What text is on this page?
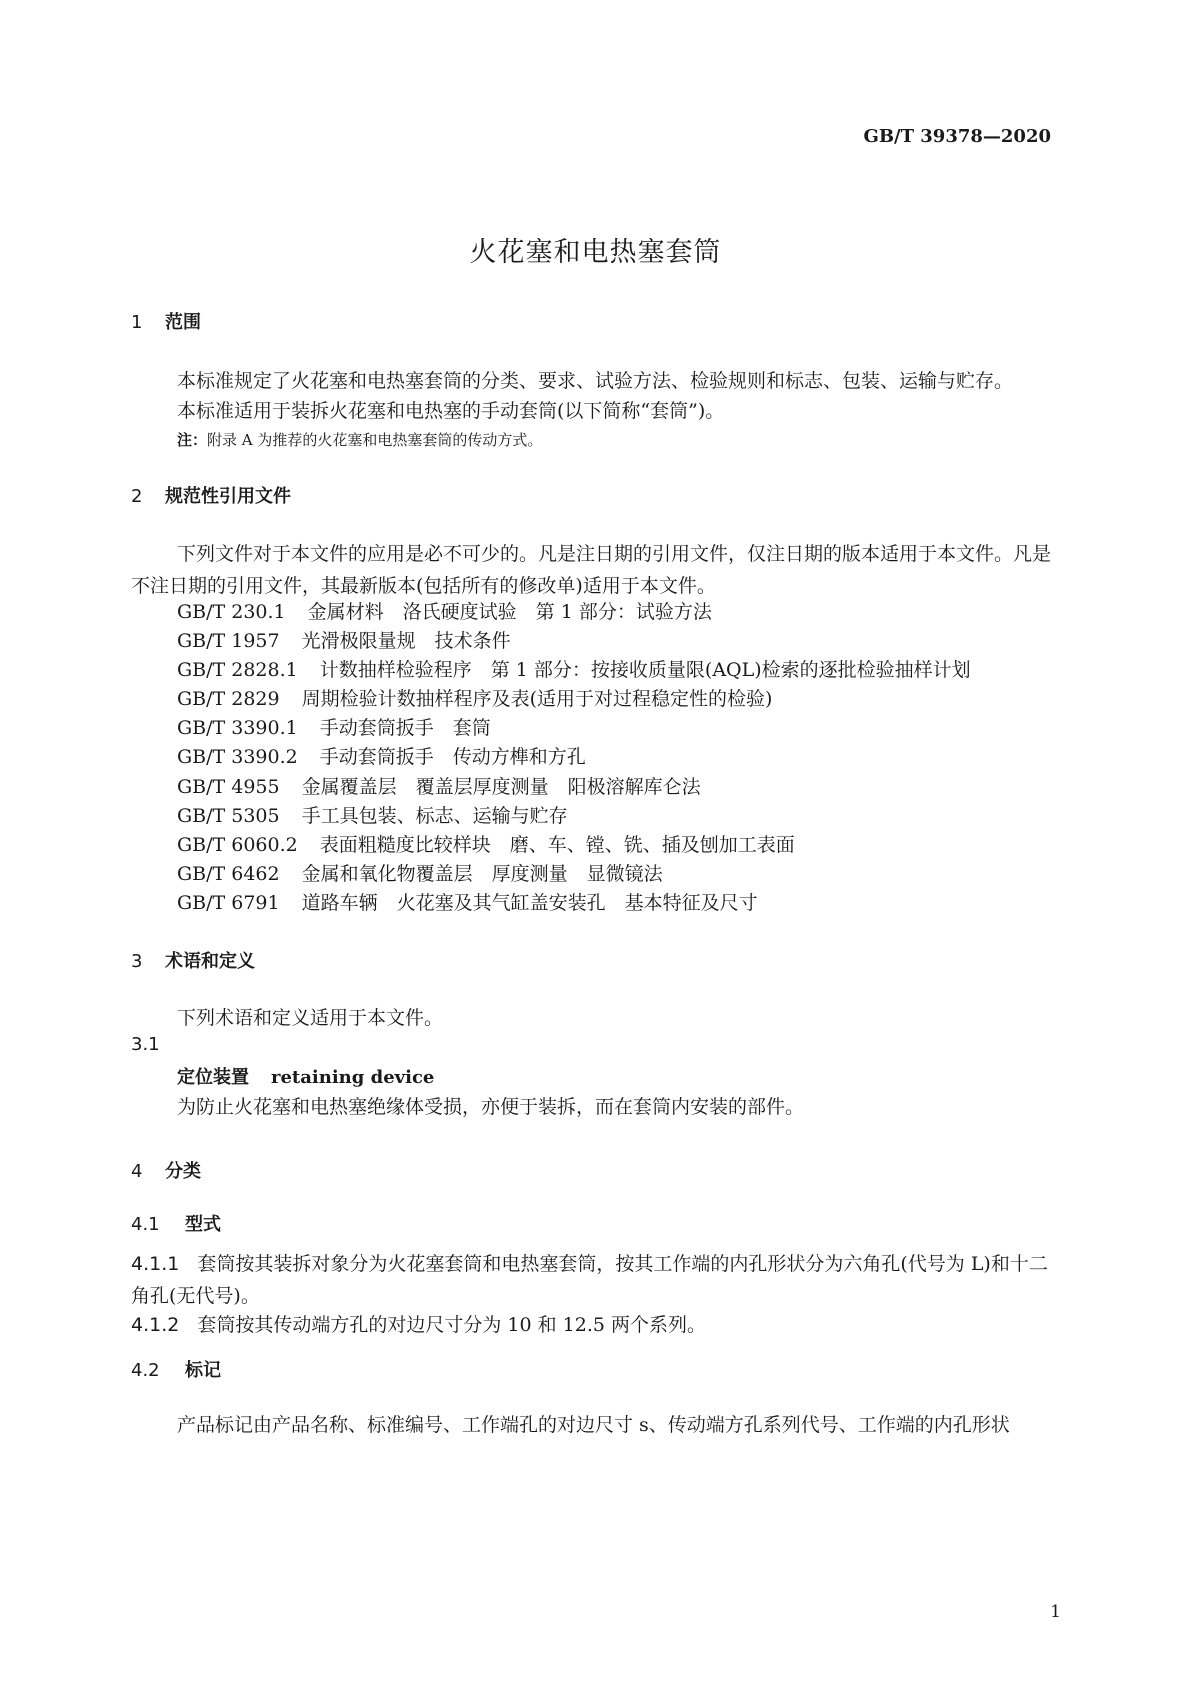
GB/T 39378—2020
火花塞和电热塞套筒
1 范围
本标准规定了火花塞和电热塞套筒的分类、要求、试验方法、检验规则和标志、包装、运输与贮存。
本标准适用于装拆火花塞和电热塞的手动套筒(以下简称“套筒”)。
注：附录 A 为推荐的火花塞和电热塞套筒的传动方式。
2 规范性引用文件
下列文件对于本文件的应用是必不可少的。凡是注日期的引用文件，仅注日期的版本适用于本文件。凡是不注日期的引用文件，其最新版本(包括所有的修改单)适用于本文件。
GB/T 230.1 金属材料　洛氏硬度试验　第 1 部分：试验方法
GB/T 1957 光滑极限量规　技术条件
GB/T 2828.1 计数抽样检验程序　第 1 部分：按接收质量限(AQL)检索的逐批检验抽样计划
GB/T 2829 周期检验计数抽样程序及表(适用于对过程稳定性的检验)
GB/T 3390.1 手动套筒扳手　套筒
GB/T 3390.2 手动套筒扳手　传动方榫和方孔
GB/T 4955 金属覆盖层　覆盖层厚度测量　阳极溶解库仑法
GB/T 5305 手工具包装、标志、运输与贮存
GB/T 6060.2 表面粗糙度比较样块　磨、车、镗、铣、插及刨加工表面
GB/T 6462 金属和氧化物覆盖层　厚度测量　显微镜法
GB/T 6791 道路车辆　火花塞及其气缸盖安装孔　基本特征及尺寸
3 术语和定义
下列术语和定义适用于本文件。
3.1
定位装置 retaining device
为防止火花塞和电热塞绝缘体受损，亦便于装拆，而在套筒内安装的部件。
4 分类
4.1 型式
4.1.1 套筒按其装拆对象分为火花塞套筒和电热塞套筒，按其工作端的内孔形状分为六角孔(代号为 L)和十二角孔(无代号)。
4.1.2 套筒按其传动端方孔的对边尺寸分为 10 和 12.5 两个系列。
4.2 标记
产品标记由产品名称、标准编号、工作端孔的对边尺寸 s、传动端方孔系列代号、工作端的内孔形状
1
